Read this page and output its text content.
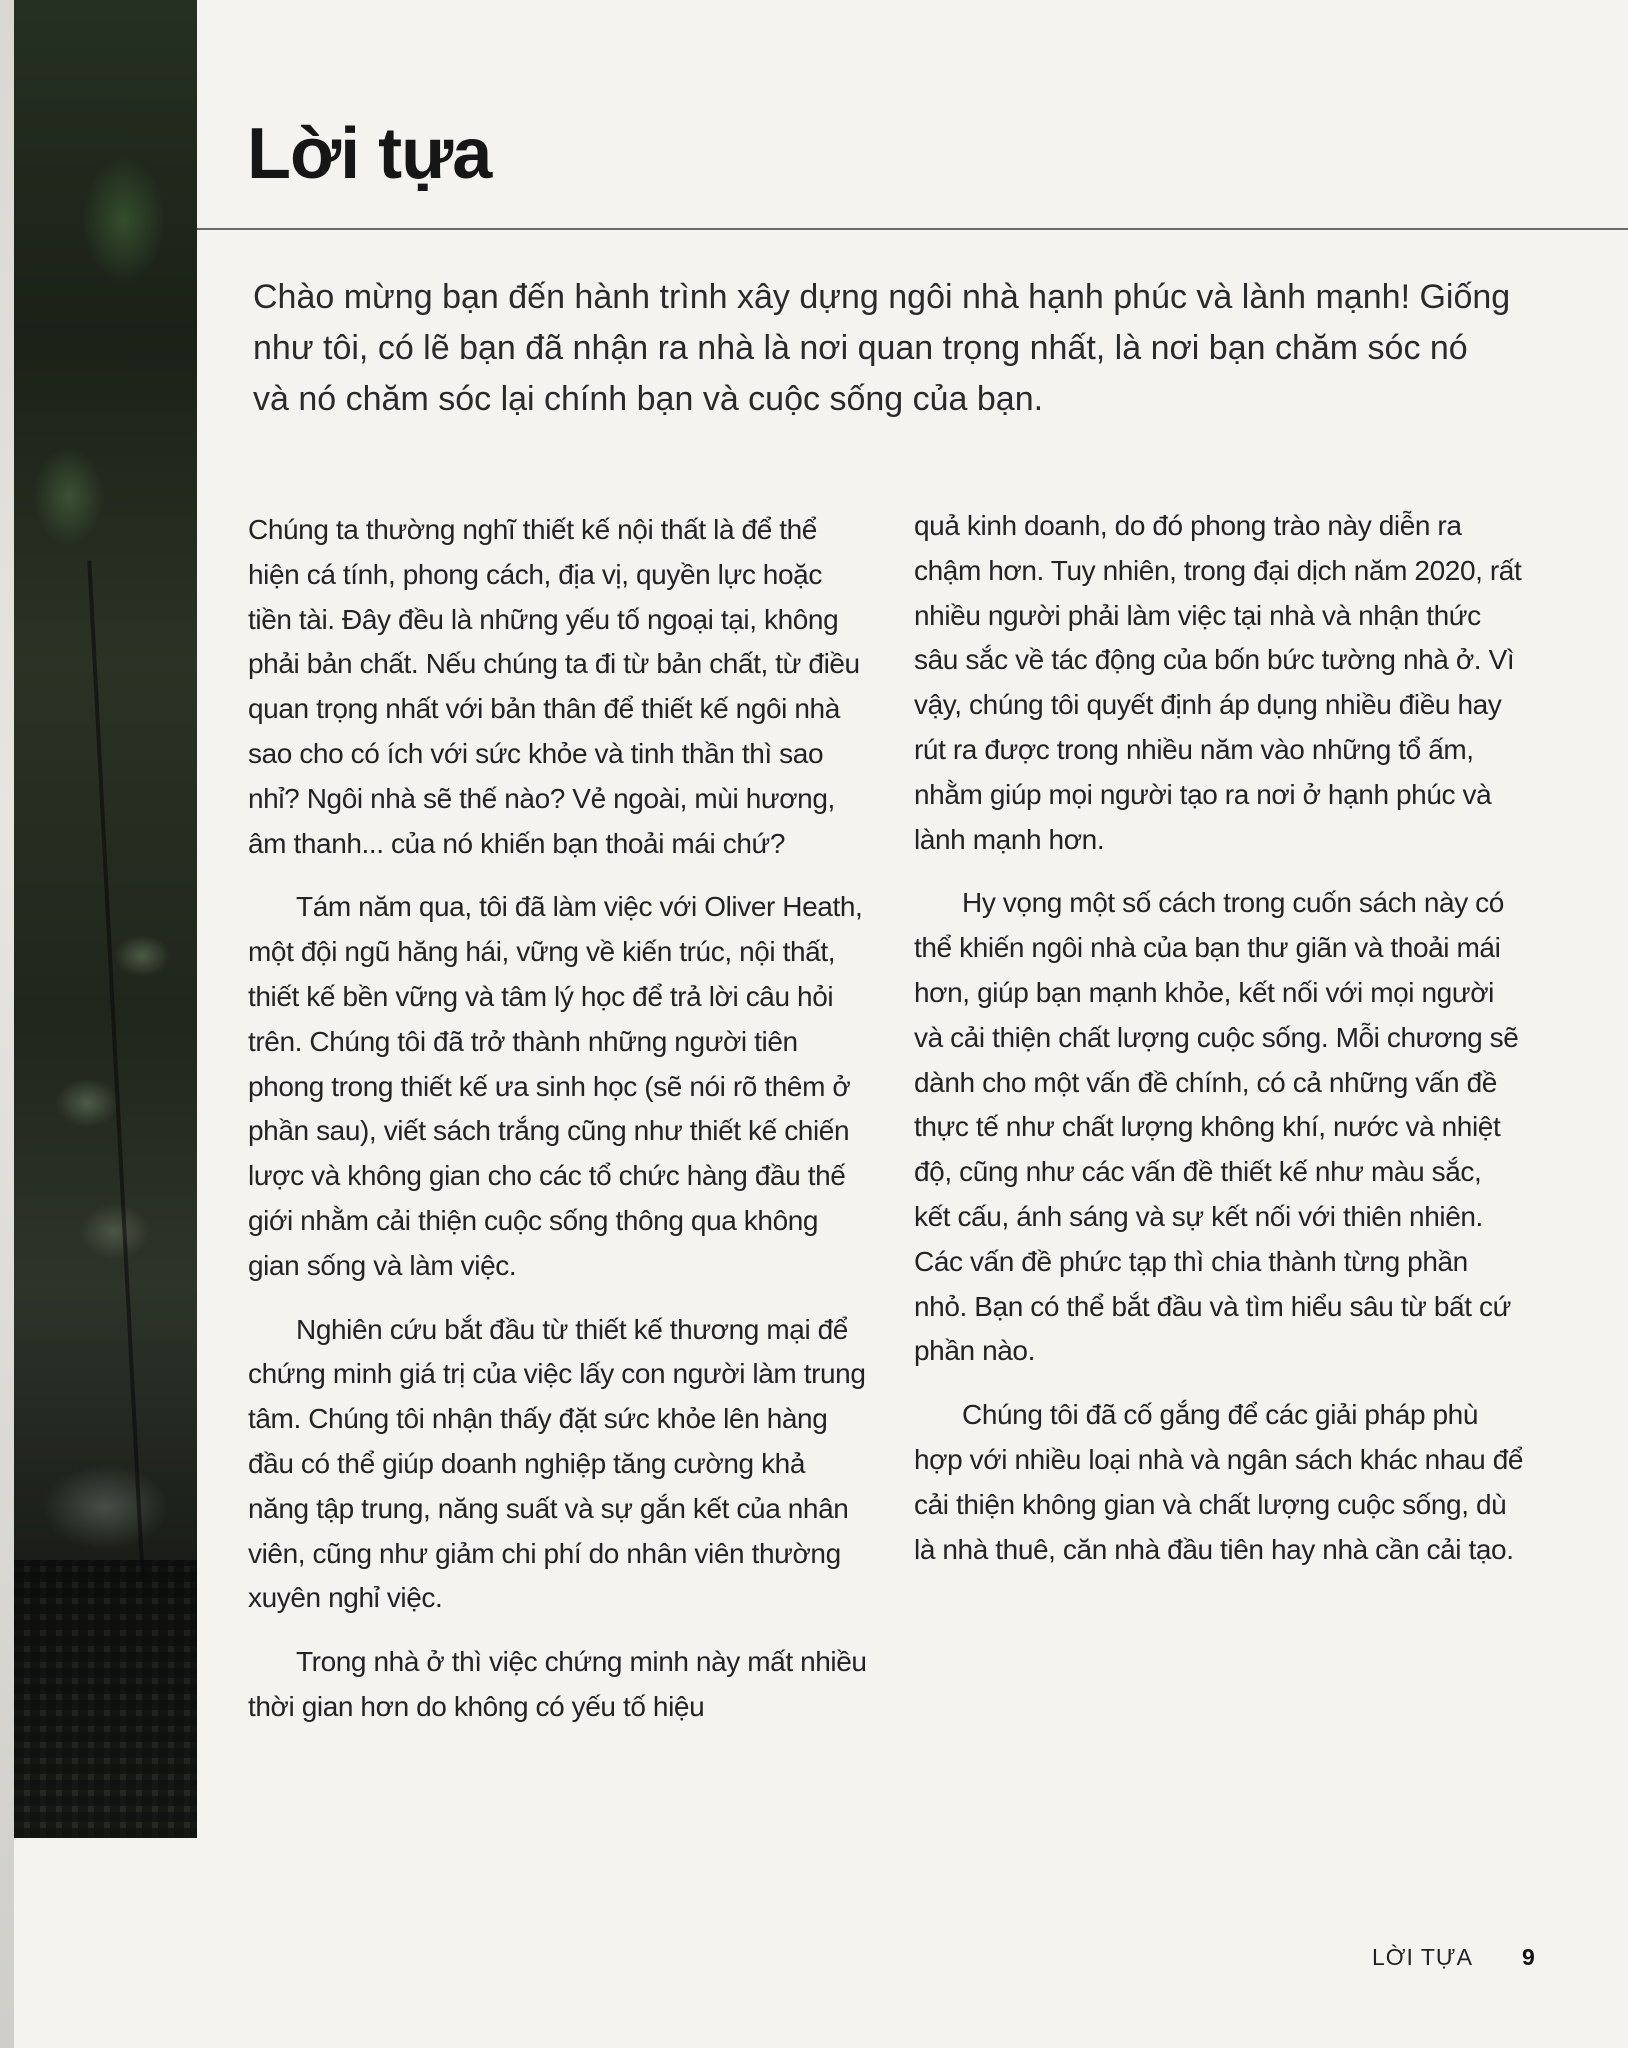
Lời tựa

Chào mừng bạn đến hành trình xây dựng ngôi nhà hạnh phúc và lành mạnh! Giống như tôi, có lẽ bạn đã nhận ra nhà là nơi quan trọng nhất, là nơi bạn chăm sóc nó và nó chăm sóc lại chính bạn và cuộc sống của bạn.

Chúng ta thường nghĩ thiết kế nội thất là để thể hiện cá tính, phong cách, địa vị, quyền lực hoặc tiền tài. Đây đều là những yếu tố ngoại tại, không phải bản chất. Nếu chúng ta đi từ bản chất, từ điều quan trọng nhất với bản thân để thiết kế ngôi nhà sao cho có ích với sức khỏe và tinh thần thì sao nhỉ? Ngôi nhà sẽ thế nào? Vẻ ngoài, mùi hương, âm thanh... của nó khiến bạn thoải mái chứ?

Tám năm qua, tôi đã làm việc với Oliver Heath, một đội ngũ hăng hái, vững về kiến trúc, nội thất, thiết kế bền vững và tâm lý học để trả lời câu hỏi trên. Chúng tôi đã trở thành những người tiên phong trong thiết kế ưa sinh học (sẽ nói rõ thêm ở phần sau), viết sách trắng cũng như thiết kế chiến lược và không gian cho các tổ chức hàng đầu thế giới nhằm cải thiện cuộc sống thông qua không gian sống và làm việc.

Nghiên cứu bắt đầu từ thiết kế thương mại để chứng minh giá trị của việc lấy con người làm trung tâm. Chúng tôi nhận thấy đặt sức khỏe lên hàng đầu có thể giúp doanh nghiệp tăng cường khả năng tập trung, năng suất và sự gắn kết của nhân viên, cũng như giảm chi phí do nhân viên thường xuyên nghỉ việc.

Trong nhà ở thì việc chứng minh này mất nhiều thời gian hơn do không có yếu tố hiệu

quả kinh doanh, do đó phong trào này diễn ra chậm hơn. Tuy nhiên, trong đại dịch năm 2020, rất nhiều người phải làm việc tại nhà và nhận thức sâu sắc về tác động của bốn bức tường nhà ở. Vì vậy, chúng tôi quyết định áp dụng nhiều điều hay rút ra được trong nhiều năm vào những tổ ấm, nhằm giúp mọi người tạo ra nơi ở hạnh phúc và lành mạnh hơn.

Hy vọng một số cách trong cuốn sách này có thể khiến ngôi nhà của bạn thư giãn và thoải mái hơn, giúp bạn mạnh khỏe, kết nối với mọi người và cải thiện chất lượng cuộc sống. Mỗi chương sẽ dành cho một vấn đề chính, có cả những vấn đề thực tế như chất lượng không khí, nước và nhiệt độ, cũng như các vấn đề thiết kế như màu sắc, kết cấu, ánh sáng và sự kết nối với thiên nhiên. Các vấn đề phức tạp thì chia thành từng phần nhỏ. Bạn có thể bắt đầu và tìm hiểu sâu từ bất cứ phần nào.

Chúng tôi đã cố gắng để các giải pháp phù hợp với nhiều loại nhà và ngân sách khác nhau để cải thiện không gian và chất lượng cuộc sống, dù là nhà thuê, căn nhà đầu tiên hay nhà cần cải tạo.

LỜI TỰA 9
